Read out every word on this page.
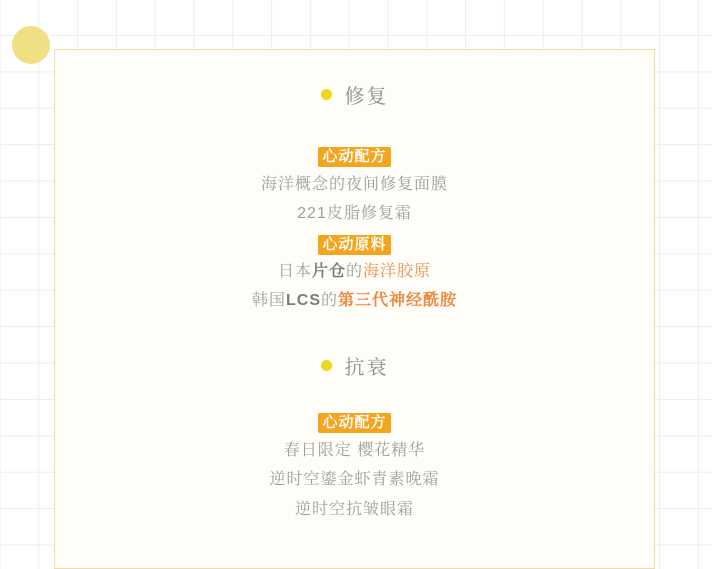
修复
心动配方
海洋概念的夜间修复面膜
221皮脂修复霜
心动原料
日本片仓的海洋胶原
韩国LCS的第三代神经酰胺
抗衰
心动配方
春日限定 樱花精华
逆时空鎏金虾青素晚霜
逆时空抗皱眼霜
